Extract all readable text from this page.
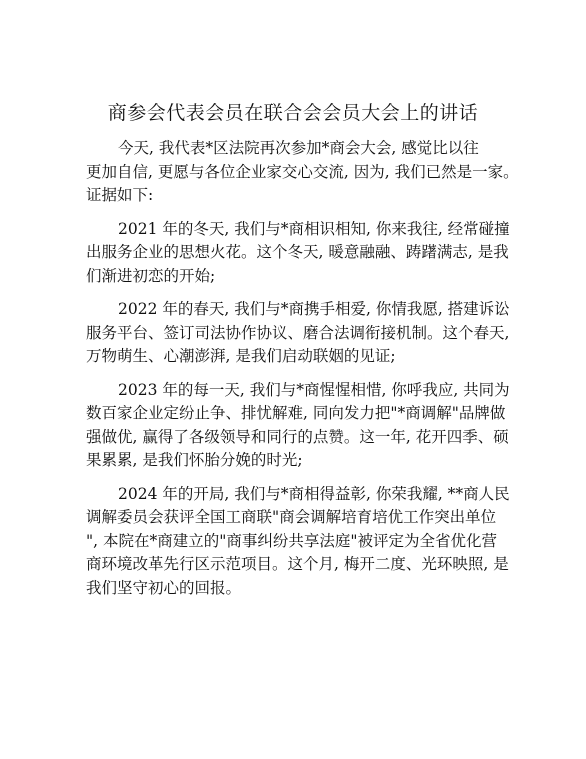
商参会代表会员在联合会会员大会上的讲话
今天, 我代表*区法院再次参加*商会大会, 感觉比以往
更加自信, 更愿与各位企业家交心交流, 因为, 我们已然是一家。
证据如下:
2021 年的冬天, 我们与*商相识相知, 你来我往, 经常碰撞
出服务企业的思想火花。这个冬天, 暖意融融、踌躇满志, 是我
们渐进初恋的开始;
2022 年的春天, 我们与*商携手相爱, 你情我愿, 搭建诉讼
服务平台、签订司法协作协议、磨合法调衔接机制。这个春天,
万物萌生、心潮澎湃, 是我们启动联姻的见证;
2023 年的每一天, 我们与*商惺惺相惜, 你呼我应, 共同为
数百家企业定纷止争、排忧解难, 同向发力把"*商调解"品牌做
强做优, 赢得了各级领导和同行的点赞。这一年, 花开四季、硕
果累累, 是我们怀胎分娩的时光;
2024 年的开局, 我们与*商相得益彰, 你荣我耀, **商人民
调解委员会获评全国工商联"商会调解培育培优工作突出单位
", 本院在*商建立的"商事纠纷共享法庭"被评定为全省优化营
商环境改革先行区示范项目。这个月, 梅开二度、光环映照, 是
我们坚守初心的回报。
